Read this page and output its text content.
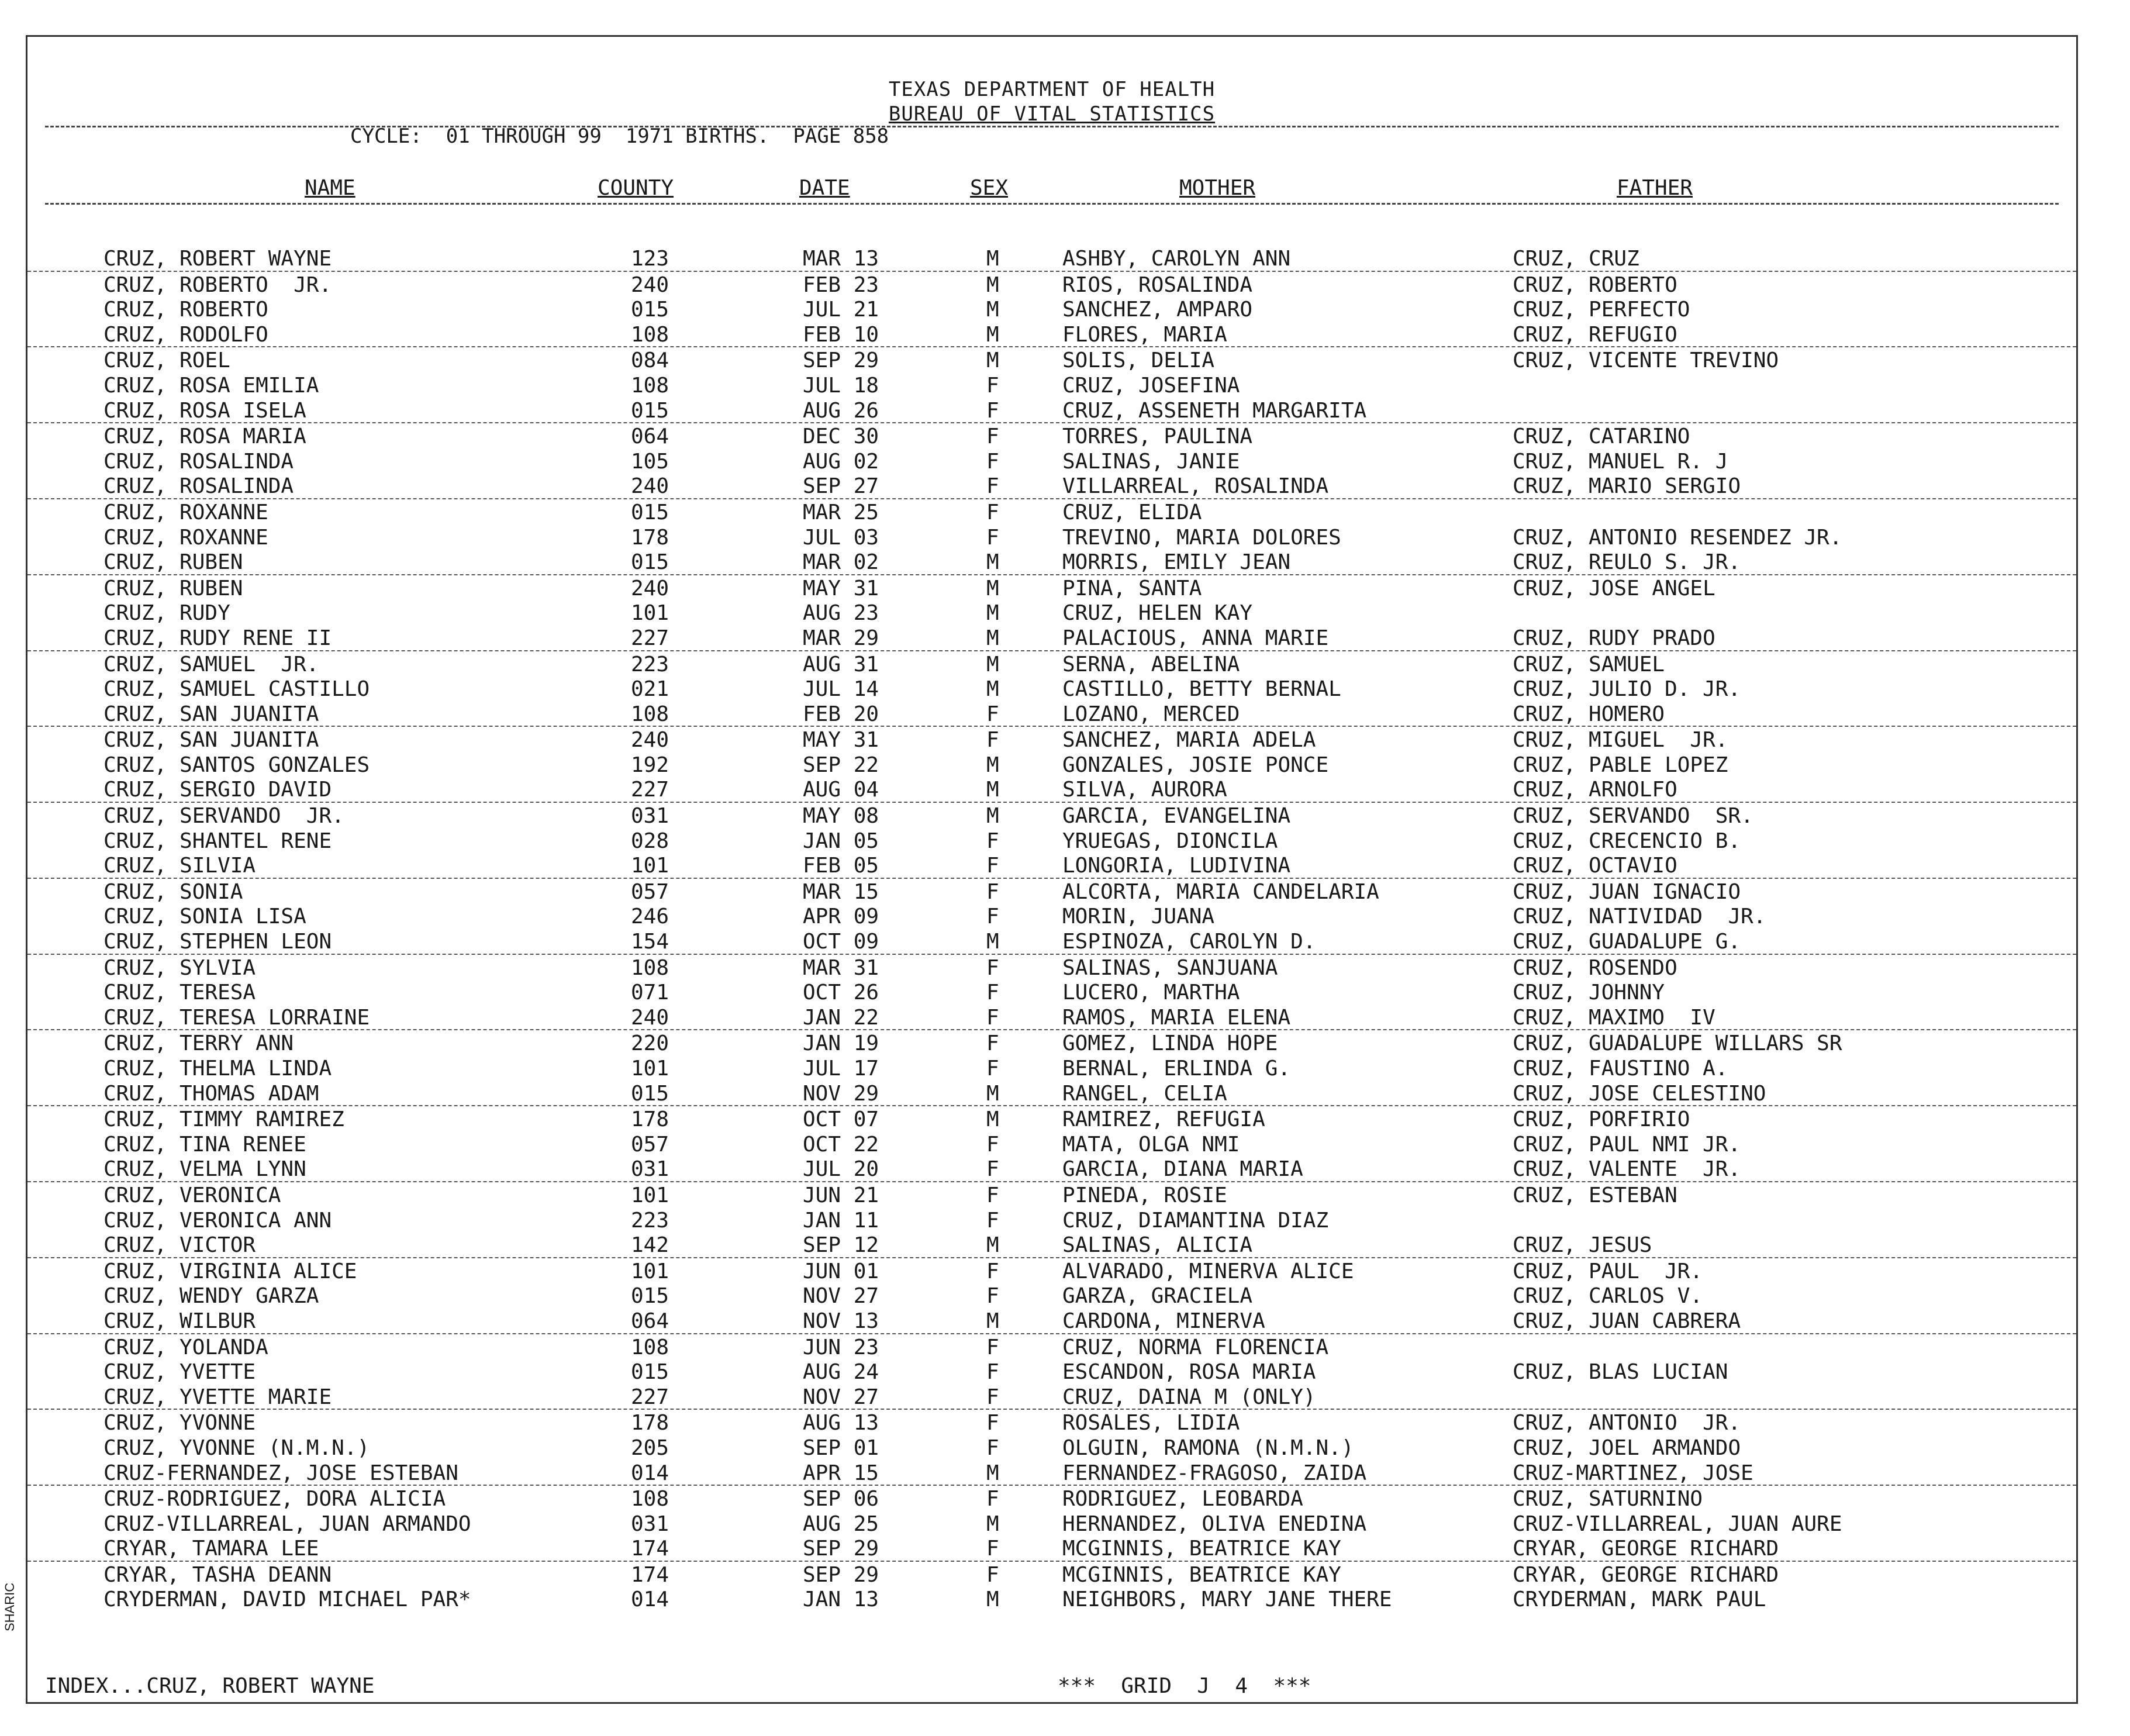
TEXAS DEPARTMENT OF HEALTH
BUREAU OF VITAL STATISTICS
CYCLE:  01 THROUGH 99  1971 BIRTHS.  PAGE 858
NAME	COUNTY	DATE	SEX	MOTHER	FATHER
CRUZ, ROBERT WAYNE	123	MAR 13	M	ASHBY, CAROLYN ANN	CRUZ, CRUZ
CRUZ, ROBERTO  JR.	240	FEB 23	M	RIOS, ROSALINDA	CRUZ, ROBERTO
CRUZ, ROBERTO	015	JUL 21	M	SANCHEZ, AMPARO	CRUZ, PERFECTO
CRUZ, RODOLFO	108	FEB 10	M	FLORES, MARIA	CRUZ, REFUGIO
CRUZ, ROEL	084	SEP 29	M	SOLIS, DELIA	CRUZ, VICENTE TREVINO
CRUZ, ROSA EMILIA	108	JUL 18	F	CRUZ, JOSEFINA
CRUZ, ROSA ISELA	015	AUG 26	F	CRUZ, ASSENETH MARGARITA
CRUZ, ROSA MARIA	064	DEC 30	F	TORRES, PAULINA	CRUZ, CATARINO
CRUZ, ROSALINDA	105	AUG 02	F	SALINAS, JANIE	CRUZ, MANUEL R. J
CRUZ, ROSALINDA	240	SEP 27	F	VILLARREAL, ROSALINDA	CRUZ, MARIO SERGIO
CRUZ, ROXANNE	015	MAR 25	F	CRUZ, ELIDA
CRUZ, ROXANNE	178	JUL 03	F	TREVINO, MARIA DOLORES	CRUZ, ANTONIO RESENDEZ JR.
CRUZ, RUBEN	015	MAR 02	M	MORRIS, EMILY JEAN	CRUZ, REULO S. JR.
CRUZ, RUBEN	240	MAY 31	M	PINA, SANTA	CRUZ, JOSE ANGEL
CRUZ, RUDY	101	AUG 23	M	CRUZ, HELEN KAY
CRUZ, RUDY RENE II	227	MAR 29	M	PALACIOUS, ANNA MARIE	CRUZ, RUDY PRADO
CRUZ, SAMUEL  JR.	223	AUG 31	M	SERNA, ABELINA	CRUZ, SAMUEL
CRUZ, SAMUEL CASTILLO	021	JUL 14	M	CASTILLO, BETTY BERNAL	CRUZ, JULIO D. JR.
CRUZ, SAN JUANITA	108	FEB 20	F	LOZANO, MERCED	CRUZ, HOMERO
CRUZ, SAN JUANITA	240	MAY 31	F	SANCHEZ, MARIA ADELA	CRUZ, MIGUEL  JR.
CRUZ, SANTOS GONZALES	192	SEP 22	M	GONZALES, JOSIE PONCE	CRUZ, PABLE LOPEZ
CRUZ, SERGIO DAVID	227	AUG 04	M	SILVA, AURORA	CRUZ, ARNOLFO
CRUZ, SERVANDO  JR.	031	MAY 08	M	GARCIA, EVANGELINA	CRUZ, SERVANDO  SR.
CRUZ, SHANTEL RENE	028	JAN 05	F	YRUEGAS, DIONCILA	CRUZ, CRECENCIO B.
CRUZ, SILVIA	101	FEB 05	F	LONGORIA, LUDIVINA	CRUZ, OCTAVIO
CRUZ, SONIA	057	MAR 15	F	ALCORTA, MARIA CANDELARIA	CRUZ, JUAN IGNACIO
CRUZ, SONIA LISA	246	APR 09	F	MORIN, JUANA	CRUZ, NATIVIDAD  JR.
CRUZ, STEPHEN LEON	154	OCT 09	M	ESPINOZA, CAROLYN D.	CRUZ, GUADALUPE G.
CRUZ, SYLVIA	108	MAR 31	F	SALINAS, SANJUANA	CRUZ, ROSENDO
CRUZ, TERESA	071	OCT 26	F	LUCERO, MARTHA	CRUZ, JOHNNY
CRUZ, TERESA LORRAINE	240	JAN 22	F	RAMOS, MARIA ELENA	CRUZ, MAXIMO  IV
CRUZ, TERRY ANN	220	JAN 19	F	GOMEZ, LINDA HOPE	CRUZ, GUADALUPE WILLARS SR
CRUZ, THELMA LINDA	101	JUL 17	F	BERNAL, ERLINDA G.	CRUZ, FAUSTINO A.
CRUZ, THOMAS ADAM	015	NOV 29	M	RANGEL, CELIA	CRUZ, JOSE CELESTINO
CRUZ, TIMMY RAMIREZ	178	OCT 07	M	RAMIREZ, REFUGIA	CRUZ, PORFIRIO
CRUZ, TINA RENEE	057	OCT 22	F	MATA, OLGA NMI	CRUZ, PAUL NMI JR.
CRUZ, VELMA LYNN	031	JUL 20	F	GARCIA, DIANA MARIA	CRUZ, VALENTE  JR.
CRUZ, VERONICA	101	JUN 21	F	PINEDA, ROSIE	CRUZ, ESTEBAN
CRUZ, VERONICA ANN	223	JAN 11	F	CRUZ, DIAMANTINA DIAZ
CRUZ, VICTOR	142	SEP 12	M	SALINAS, ALICIA	CRUZ, JESUS
CRUZ, VIRGINIA ALICE	101	JUN 01	F	ALVARADO, MINERVA ALICE	CRUZ, PAUL  JR.
CRUZ, WENDY GARZA	015	NOV 27	F	GARZA, GRACIELA	CRUZ, CARLOS V.
CRUZ, WILBUR	064	NOV 13	M	CARDONA, MINERVA	CRUZ, JUAN CABRERA
CRUZ, YOLANDA	108	JUN 23	F	CRUZ, NORMA FLORENCIA
CRUZ, YVETTE	015	AUG 24	F	ESCANDON, ROSA MARIA	CRUZ, BLAS LUCIAN
CRUZ, YVETTE MARIE	227	NOV 27	F	CRUZ, DAINA M (ONLY)
CRUZ, YVONNE	178	AUG 13	F	ROSALES, LIDIA	CRUZ, ANTONIO  JR.
CRUZ, YVONNE (N.M.N.)	205	SEP 01	F	OLGUIN, RAMONA (N.M.N.)	CRUZ, JOEL ARMANDO
CRUZ-FERNANDEZ, JOSE ESTEBAN	014	APR 15	M	FERNANDEZ-FRAGOSO, ZAIDA	CRUZ-MARTINEZ, JOSE
CRUZ-RODRIGUEZ, DORA ALICIA	108	SEP 06	F	RODRIGUEZ, LEOBARDA	CRUZ, SATURNINO
CRUZ-VILLARREAL, JUAN ARMANDO	031	AUG 25	M	HERNANDEZ, OLIVA ENEDINA	CRUZ-VILLARREAL, JUAN AURE
CRYAR, TAMARA LEE	174	SEP 29	F	MCGINNIS, BEATRICE KAY	CRYAR, GEORGE RICHARD
CRYAR, TASHA DEANN	174	SEP 29	F	MCGINNIS, BEATRICE KAY	CRYAR, GEORGE RICHARD
CRYDERMAN, DAVID MICHAEL PAR*	014	JAN 13	M	NEIGHBORS, MARY JANE THERE	CRYDERMAN, MARK PAUL
INDEX...CRUZ, ROBERT WAYNE	***  GRID  J  4  ***
SHARIC
